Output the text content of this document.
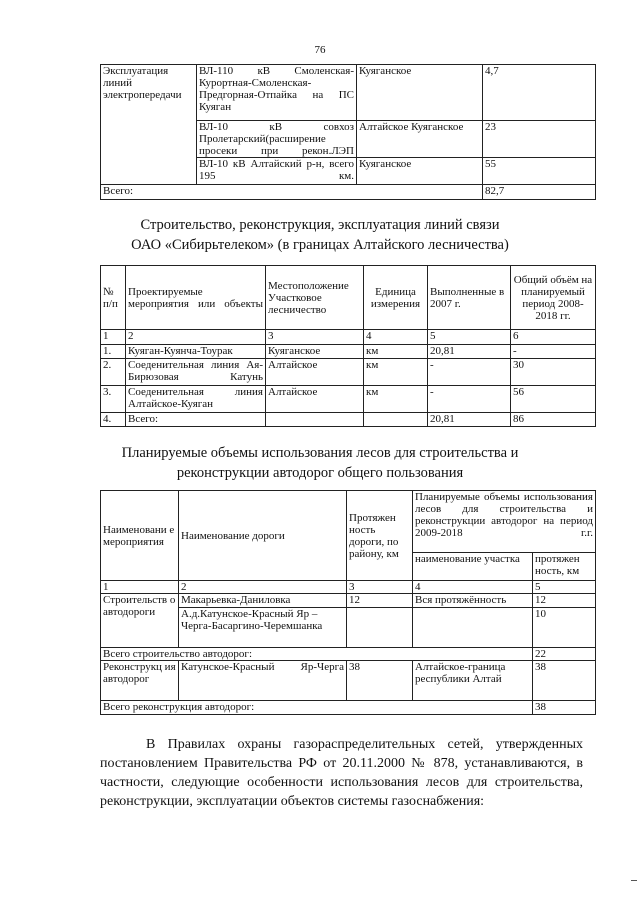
76
Эксплуатация линий электропередачи	ВЛ-110 кВ Смоленская-Курортная-Смоленская-Предгорная-Отпайка на ПС Куяган	Куяганское	4,7
	ВЛ-10 кВ совхоз Пролетарский(расширение просеки при рекон.ЛЭП	Алтайское Куяганское	23
	ВЛ-10 кВ Алтайский р-н, всего 195 км.	Куяганское	55
Всего:			82,7
Строительство, реконструкция, эксплуатация линий связи
ОАО «Сибирьтелеком» (в границах Алтайского лесничества)
№ п/п	Проектируемые мероприятия или объекты	Местоположение Участковое лесничество	Единица измерения	Выполненные в 2007 г.	Общий объём на планируемый период 2008-2018 гг.
1	2	3	4	5	6
1.	Куяган-Куянча-Тоурак	Куяганское	км	20,81	-
2.	Соеденительная линия Ая-Бирюзовая Катунь	Алтайское	км	-	30
3.	Соеденительная линия Алтайское-Куяган	Алтайское	км	-	56
4.	Всего:			20,81	86
Планируемые объемы использования лесов для строительства и
реконструкции автодорог общего пользования
Наименовани е мероприятия	Наименование дороги	Протяжен ность дороги, по району, км	Планируемые объемы использования лесов для строительства и реконструкции автодорог на период 2009-2018 г.г.	
			наименование участка	протяжен ность, км
1	2	3	4	5
Строительств о автодороги	Макарьевка-Даниловка	12	Вся протяжённость	12
	А.д.Катунское-Красный Яр – Черга-Басаргино-Черемшанка			10
Всего строительство автодорог:				22
Реконструкц ия автодорог	Катунское-Красный Яр-Черга	38	Алтайское-граница республики Алтай	38
Всего реконструкция автодорог:				38
В Правилах охраны газораспределительных сетей, утвержденных
постановлением Правительства РФ от 20.11.2000 № 878, устанавливаются, в
частности, следующие особенности использования лесов для строительства,
реконструкции, эксплуатации объектов системы газоснабжения:
